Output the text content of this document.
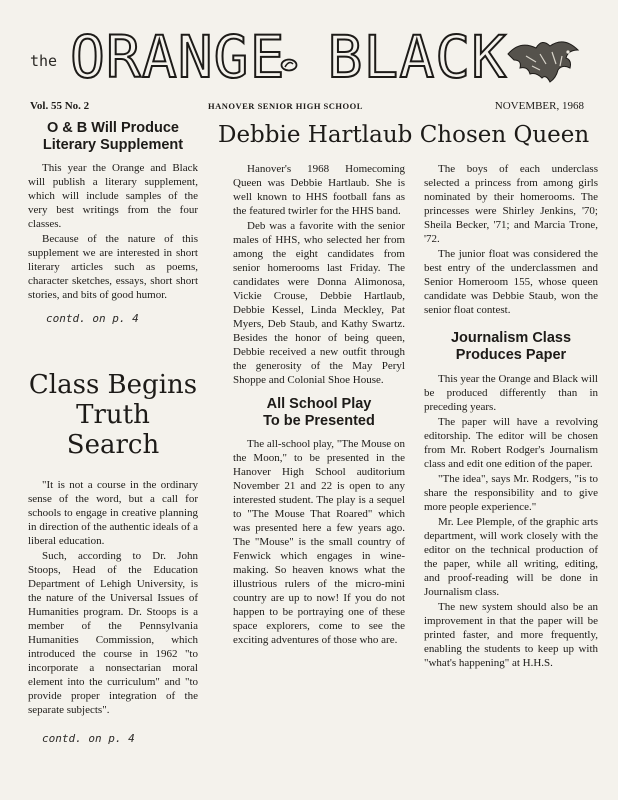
the ORANGE BLACK
Vol. 55 No. 2	HANOVER SENIOR HIGH SCHOOL	NOVEMBER, 1968
O & B Will Produce
Literary Supplement

This year the Orange and Black will publish a literary supplement, which will include samples of the very best writings from the four classes.

Because of the nature of this supplement we are interested in short literary articles such as poems, character sketches, essays, short short stories, and bits of good humor.

contd. on p. 4
Class Begins
Truth Search

"It is not a course in the ordinary sense of the word, but a call for schools to engage in creative planning in direction of the authentic ideals of a liberal education.

Such, according to Dr. John Stoops, Head of the Education Department of Lehigh University, is the nature of the Universal Issues of Humanities program. Dr. Stoops is a member of the Pennsylvania Humanities Commission, which introduced the course in 1962 "to incorporate a nonsectarian moral element into the curriculum" and "to provide proper integration of the separate subjects".

contd. on p. 4
Debbie Hartlaub Chosen Queen

Hanover's 1968 Homecoming Queen was Debbie Hartlaub. She is well known to HHS football fans as the featured twirler for the HHS band.

Deb was a favorite with the senior males of HHS, who selected her from among the eight candidates from senior homerooms last Friday. The candidates were Donna Alimonosa, Vickie Crouse, Debbie Hartlaub, Debbie Kessel, Linda Meckley, Pat Myers, Deb Staub, and Kathy Swartz. Besides the honor of being queen, Debbie received a new outfit through the generosity of the May Peryl Shoppe and Colonial Shoe House.

All School Play
To be Presented

The all-school play, "The Mouse on the Moon," to be presented in the Hanover High School auditorium November 21 and 22 is open to any interested student. The play is a sequel to "The Mouse That Roared" which was presented here a few years ago. The "Mouse" is the small country of Fenwick which engages in wine-making. So heaven knows what the illustrious rulers of the micro-mini country are up to now! If you do not happen to be portraying one of these space explorers, come to see the exciting adventures of those who are.

The boys of each underclass selected a princess from among girls nominated by their homerooms. The princesses were Shirley Jenkins, '70; Sheila Becker, '71; and Marcia Trone, '72.

The junior float was considered the best entry of the underclassmen and Senior Homeroom 155, whose queen candidate was Debbie Staub, won the senior float contest.

Journalism Class
Produces Paper

This year the Orange and Black will be produced differently than in preceding years.

The paper will have a revolving editorship. The editor will be chosen from Mr. Robert Rodger's Journalism class and edit one edition of the paper.

"The idea", says Mr. Rodgers, "is to share the responsibility and to give more people experience."

Mr. Lee Plemple, of the graphic arts department, will work closely with the editor on the technical production of the paper, while all writing, editing, and proof-reading will be done in Journalism class.

The new system should also be an improvement in that the paper will be printed faster, and more frequently, enabling the students to keep up with "what's happening" at H.H.S.
